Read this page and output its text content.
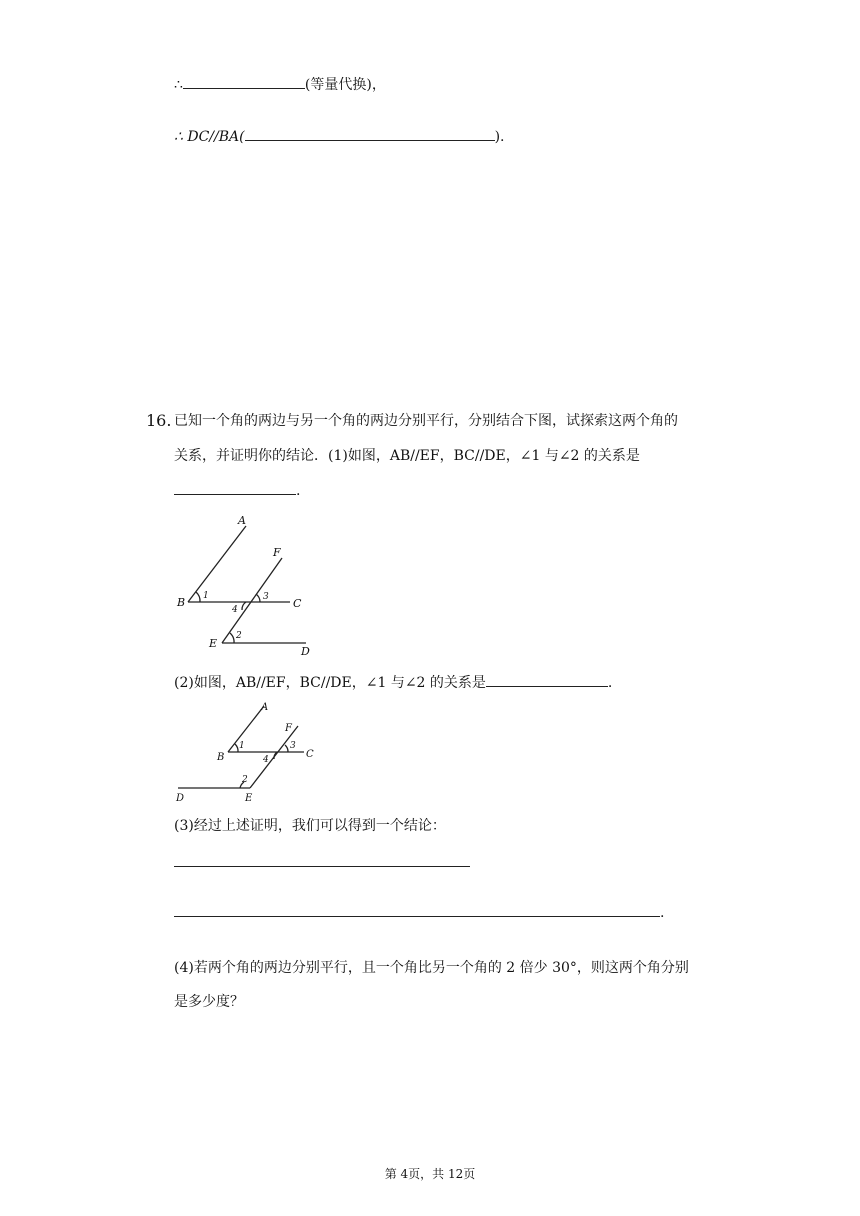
∴	(等量代换)，
∴ DC//BA(	).
16. 已知一个角的两边与另一个角的两边分别平行，分别结合下图，试探索这两个角的
关系，并证明你的结论．(1)如图，AB//EF，BC//DE，∠1 与∠2 的关系是
.
A
B	C
D
E
F
1
2
3
4
(2)如图，AB//EF，BC//DE，∠1 与∠2 的关系是	.
A
B	C
D	E
F
1
2
3
4
(3)经过上述证明，我们可以得到一个结论：
.
(4)若两个角的两边分别平行，且一个角比另一个角的 2 倍少 30°，则这两个角分别
是多少度？
第 4页，共 12页
